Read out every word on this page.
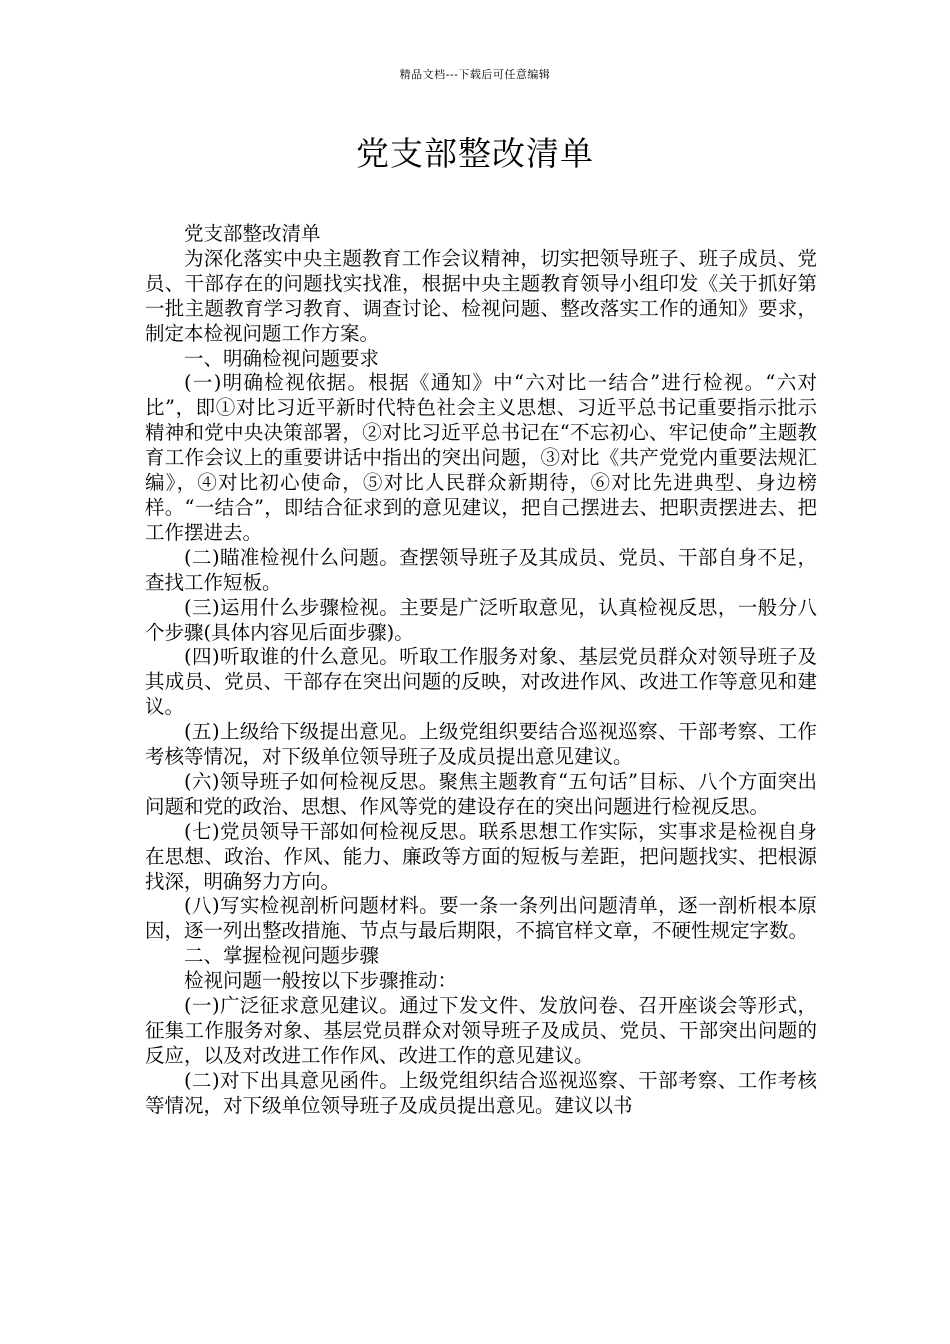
精品文档---下载后可任意编辑
党支部整改清单

党支部整改清单

为深化落实中央主题教育工作会议精神，切实把领导班子、班子成员、党员、干部存在的问题找实找准，根据中央主题教育领导小组印发《关于抓好第一批主题教育学习教育、调查讨论、检视问题、整改落实工作的通知》要求，制定本检视问题工作方案。

一、明确检视问题要求

(一)明确检视依据。根据《通知》中“六对比一结合”进行检视。“六对比”，即①对比习近平新时代特色社会主义思想、习近平总书记重要指示批示精神和党中央决策部署，②对比习近平总书记在“不忘初心、牢记使命”主题教育工作会议上的重要讲话中指出的突出问题，③对比《共产党党内重要法规汇编》，④对比初心使命，⑤对比人民群众新期待，⑥对比先进典型、身边榜样。“一结合”，即结合征求到的意见建议，把自己摆进去、把职责摆进去、把工作摆进去。

(二)瞄准检视什么问题。查摆领导班子及其成员、党员、干部自身不足，查找工作短板。

(三)运用什么步骤检视。主要是广泛听取意见，认真检视反思，一般分八个步骤(具体内容见后面步骤)。

(四)听取谁的什么意见。听取工作服务对象、基层党员群众对领导班子及其成员、党员、干部存在突出问题的反映，对改进作风、改进工作等意见和建议。

(五)上级给下级提出意见。上级党组织要结合巡视巡察、干部考察、工作考核等情况，对下级单位领导班子及成员提出意见建议。

(六)领导班子如何检视反思。聚焦主题教育“五句话”目标、八个方面突出问题和党的政治、思想、作风等党的建设存在的突出问题进行检视反思。

(七)党员领导干部如何检视反思。联系思想工作实际，实事求是检视自身在思想、政治、作风、能力、廉政等方面的短板与差距，把问题找实、把根源找深，明确努力方向。

(八)写实检视剖析问题材料。要一条一条列出问题清单，逐一剖析根本原因，逐一列出整改措施、节点与最后期限，不搞官样文章，不硬性规定字数。

二、掌握检视问题步骤

检视问题一般按以下步骤推动：

(一)广泛征求意见建议。通过下发文件、发放问卷、召开座谈会等形式，征集工作服务对象、基层党员群众对领导班子及成员、党员、干部突出问题的反应，以及对改进工作作风、改进工作的意见建议。

(二)对下出具意见函件。上级党组织结合巡视巡察、干部考察、工作考核等情况，对下级单位领导班子及成员提出意见。建议以书
